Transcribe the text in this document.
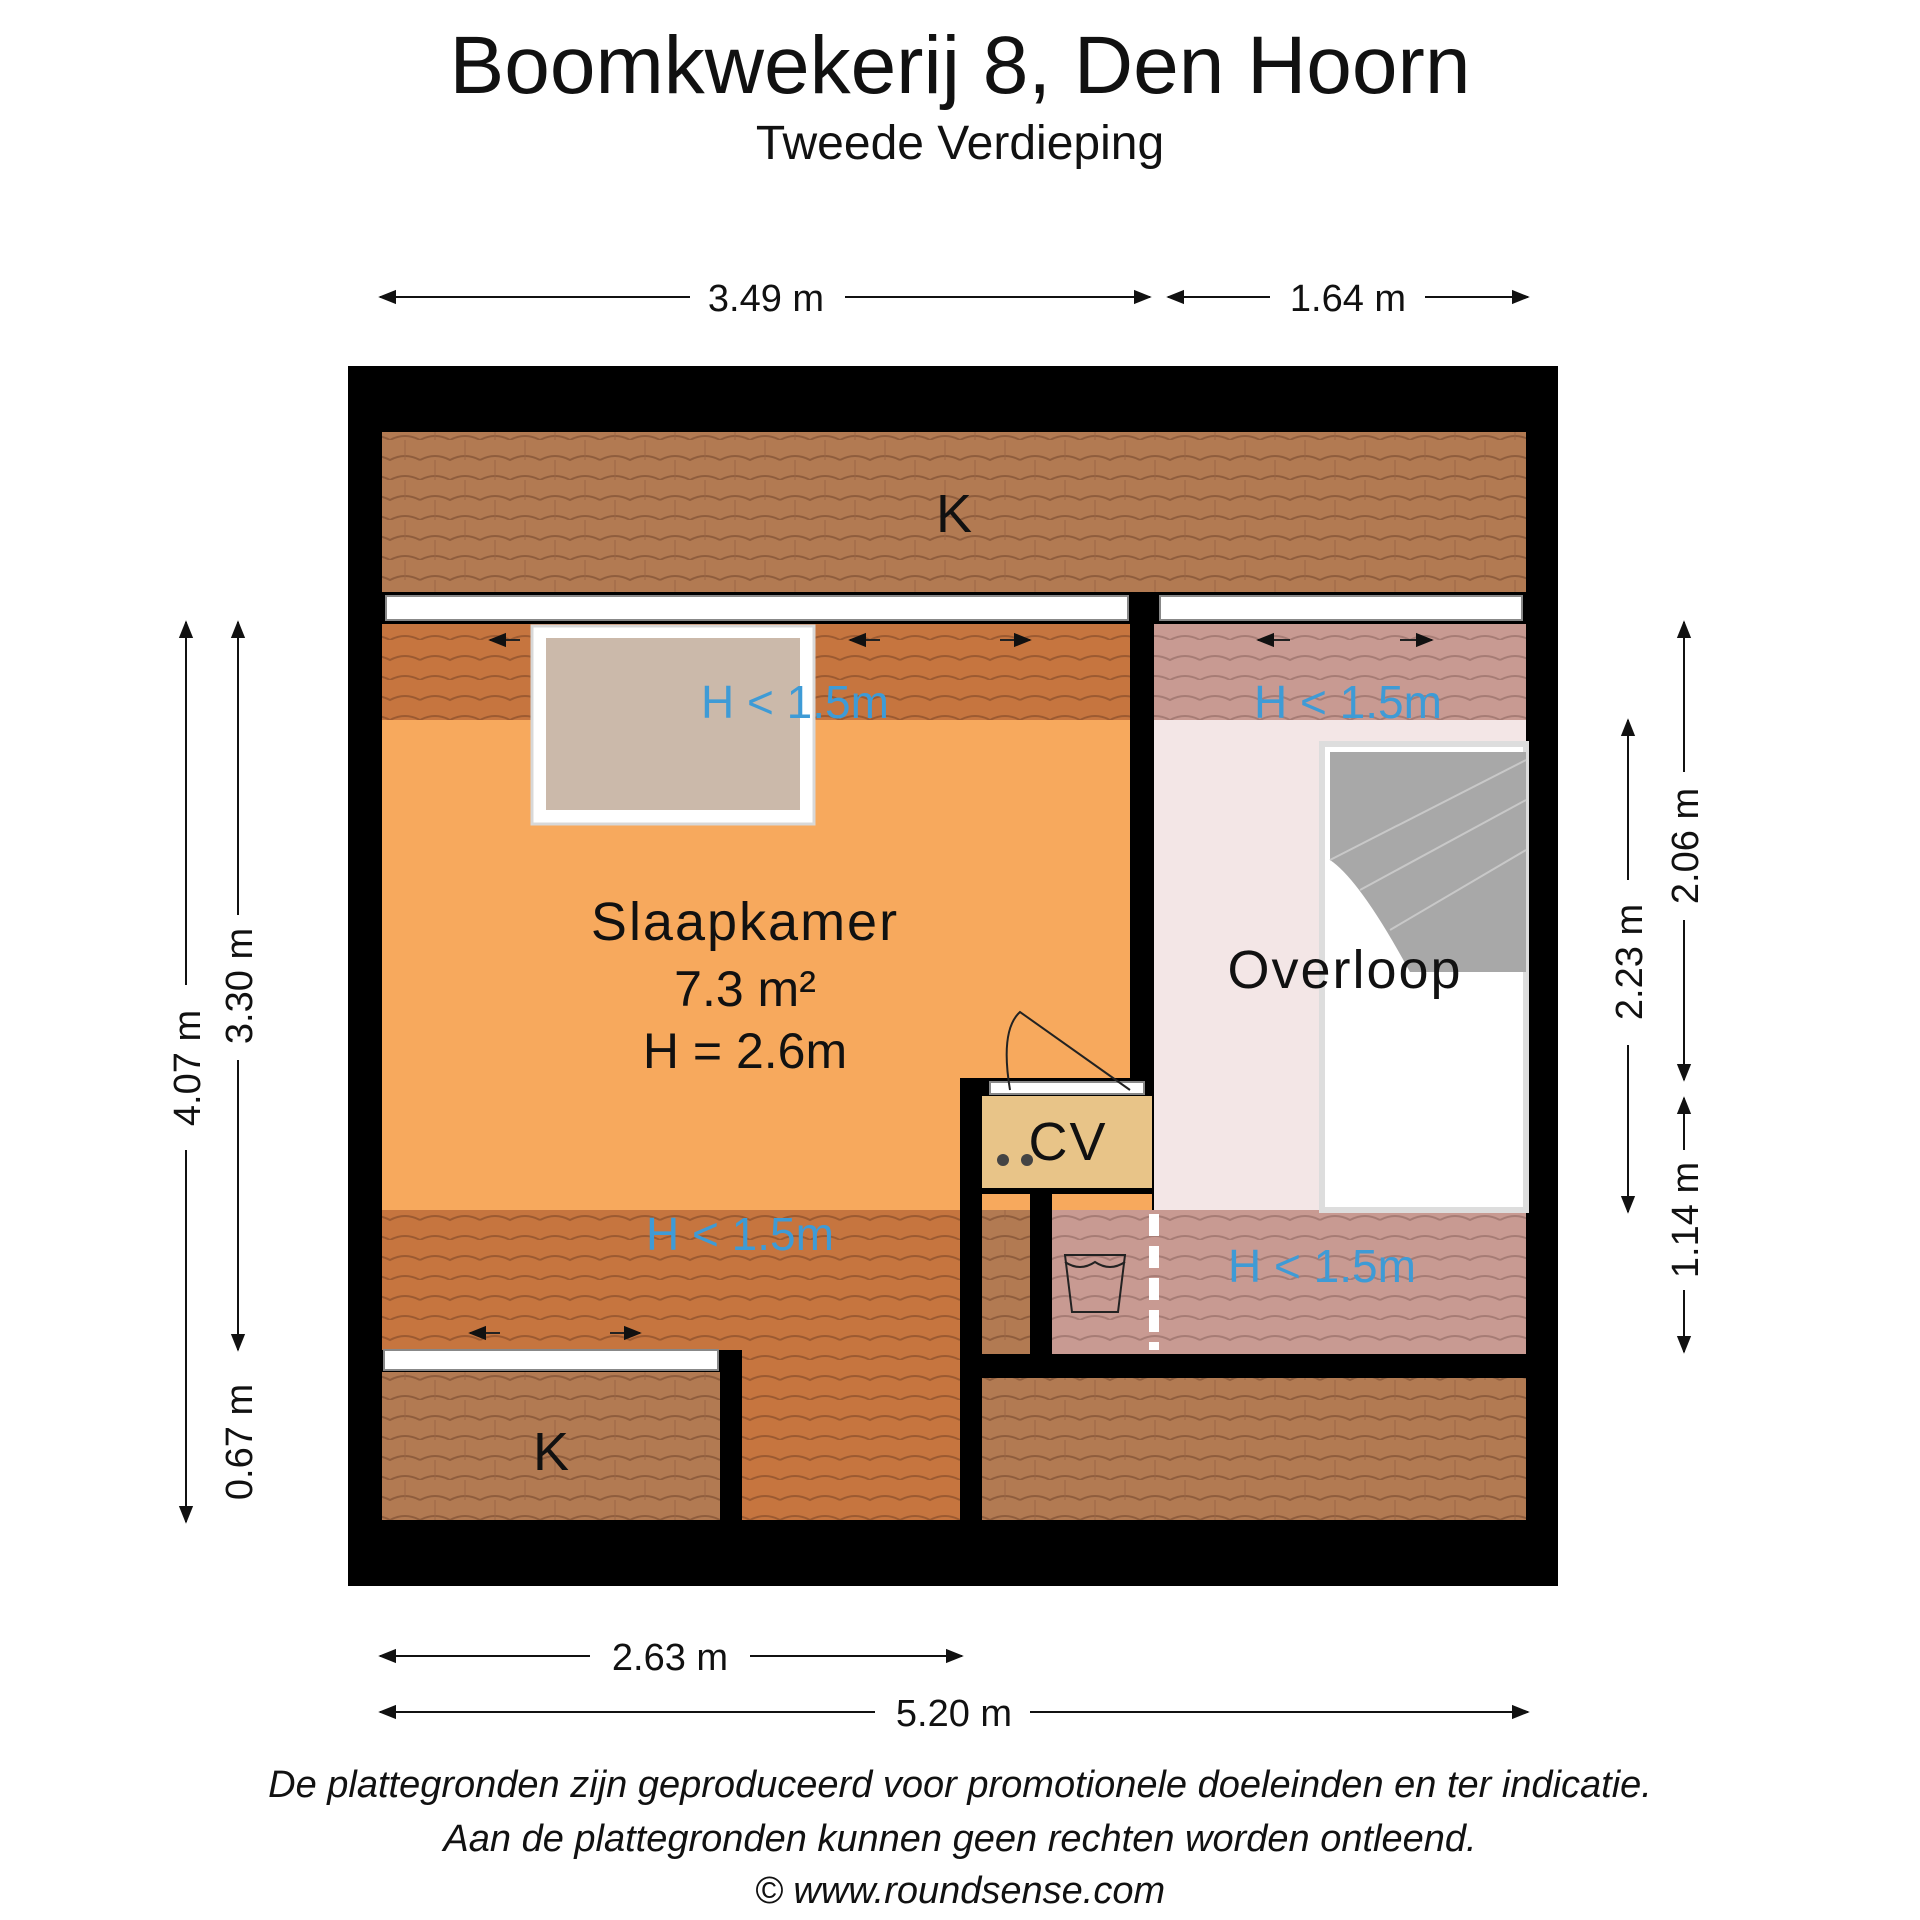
Boomkwekerij 8, Den Hoorn
Tweede Verdieping
K
K
Slaapkamer
7.3 m²
H = 2.6m
Overloop
CV
H < 1.5m	H < 1.5m
H < 1.5m
H < 1.5m
3.49 m	1.64 m
2.63 m
5.20 m
4.07 m
3.30 m
0.67 m
2.06 m
1.14 m
2.23 m
De plattegronden zijn geproduceerd voor promotionele doeleinden en ter indicatie.
Aan de plattegronden kunnen geen rechten worden ontleend.
© www.roundsense.com
